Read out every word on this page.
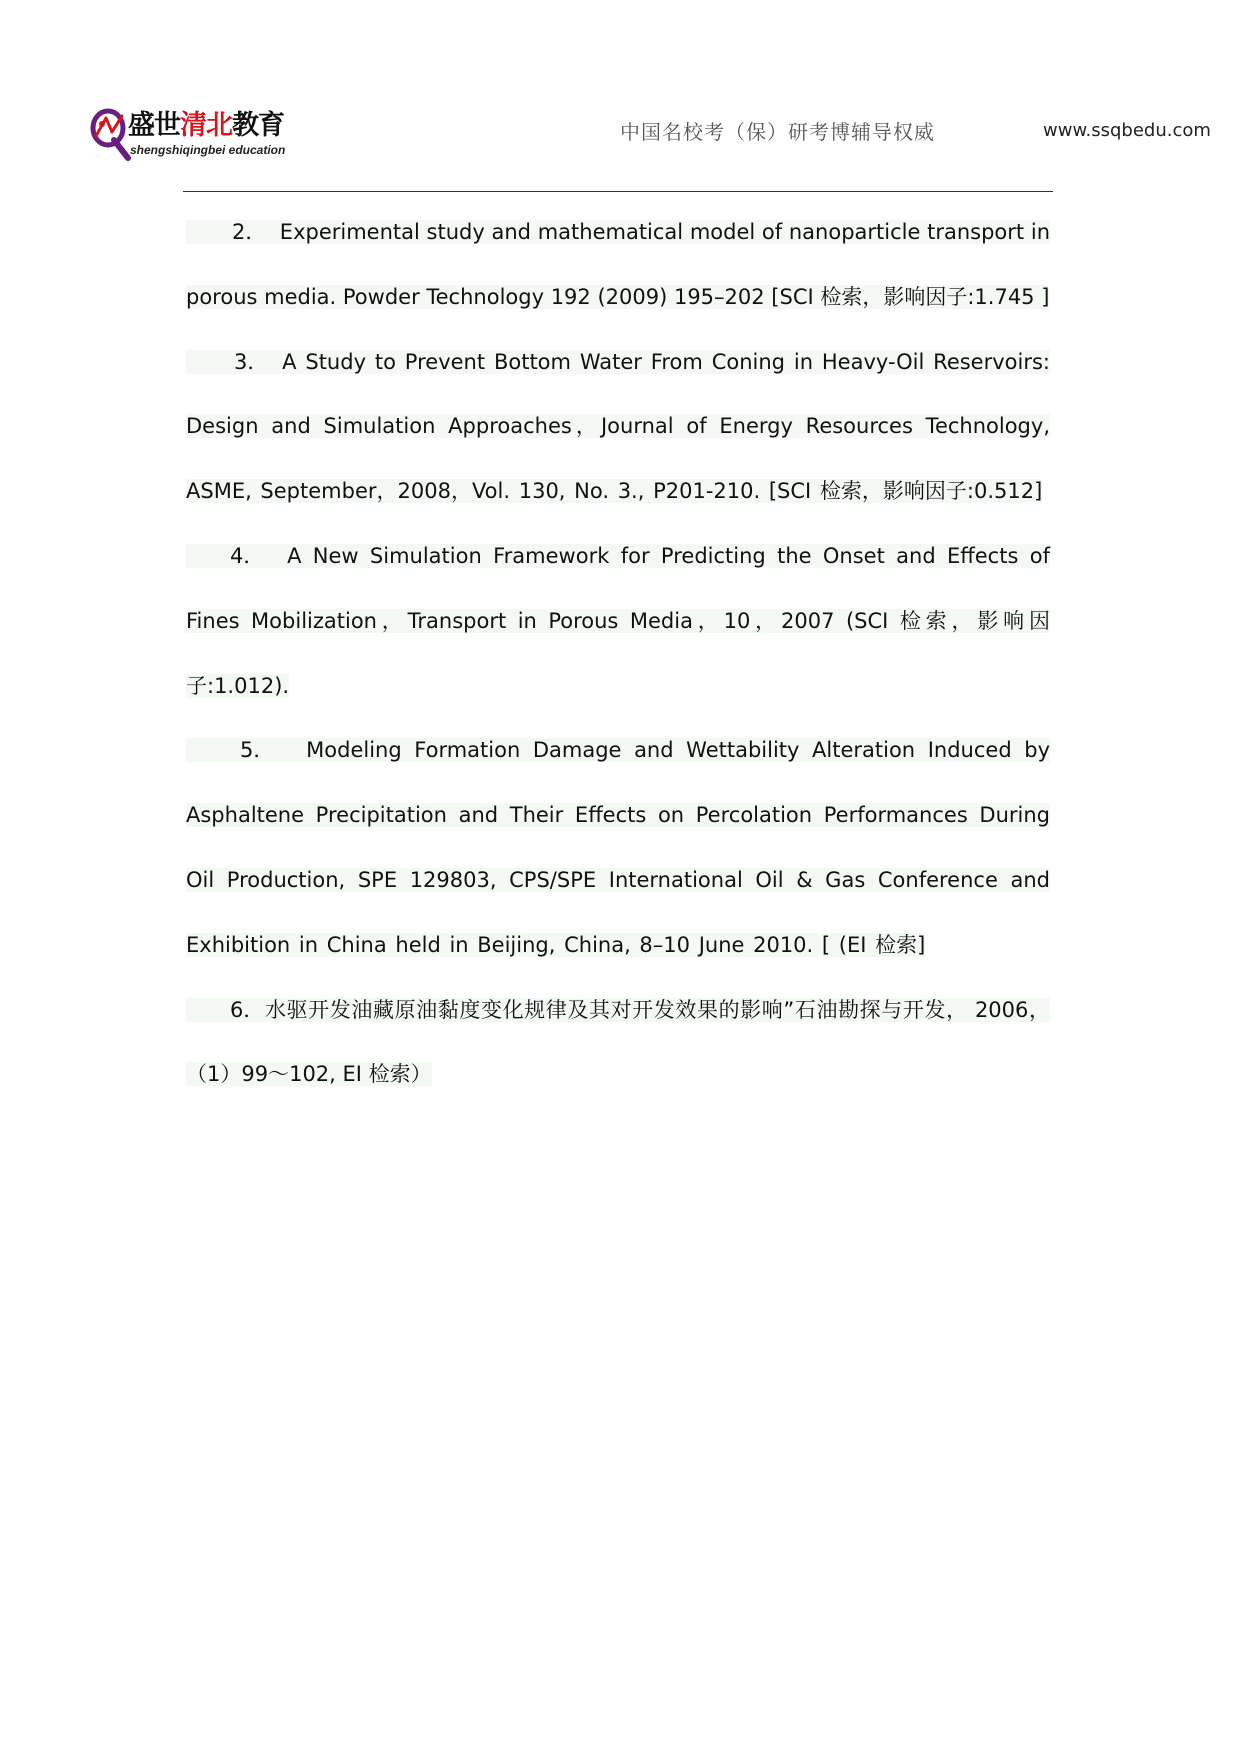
盛世清北教育
shengshiqingbei education
中国名校考（保）研考博辅导权威	www.ssqbedu.com

2． Experimental study and mathematical model of nanoparticle transport in porous media. Powder Technology 192 (2009) 195–202 [SCI 检索，影响因子:1.745 ]

3． A Study to Prevent Bottom Water From Coning in Heavy-Oil Reservoirs: Design and Simulation Approaches，Journal of Energy Resources Technology, ASME, September，2008，Vol. 130, No. 3., P201-210. [SCI 检索，影响因子:0.512]

4． A New Simulation Framework for Predicting the Onset and Effects of Fines Mobilization，Transport in Porous Media，10，2007 (SCI 检索，影响因子:1.012).

5． Modeling Formation Damage and Wettability Alteration Induced by Asphaltene Precipitation and Their Effects on Percolation Performances During Oil Production, SPE 129803, CPS/SPE International Oil & Gas Conference and Exhibition in China held in Beijing, China, 8–10 June 2010. [ (EI 检索]

6．水驱开发油藏原油黏度变化规律及其对开发效果的影响”石油勘探与开发， 2006，（1）99～102, EI 检索）
